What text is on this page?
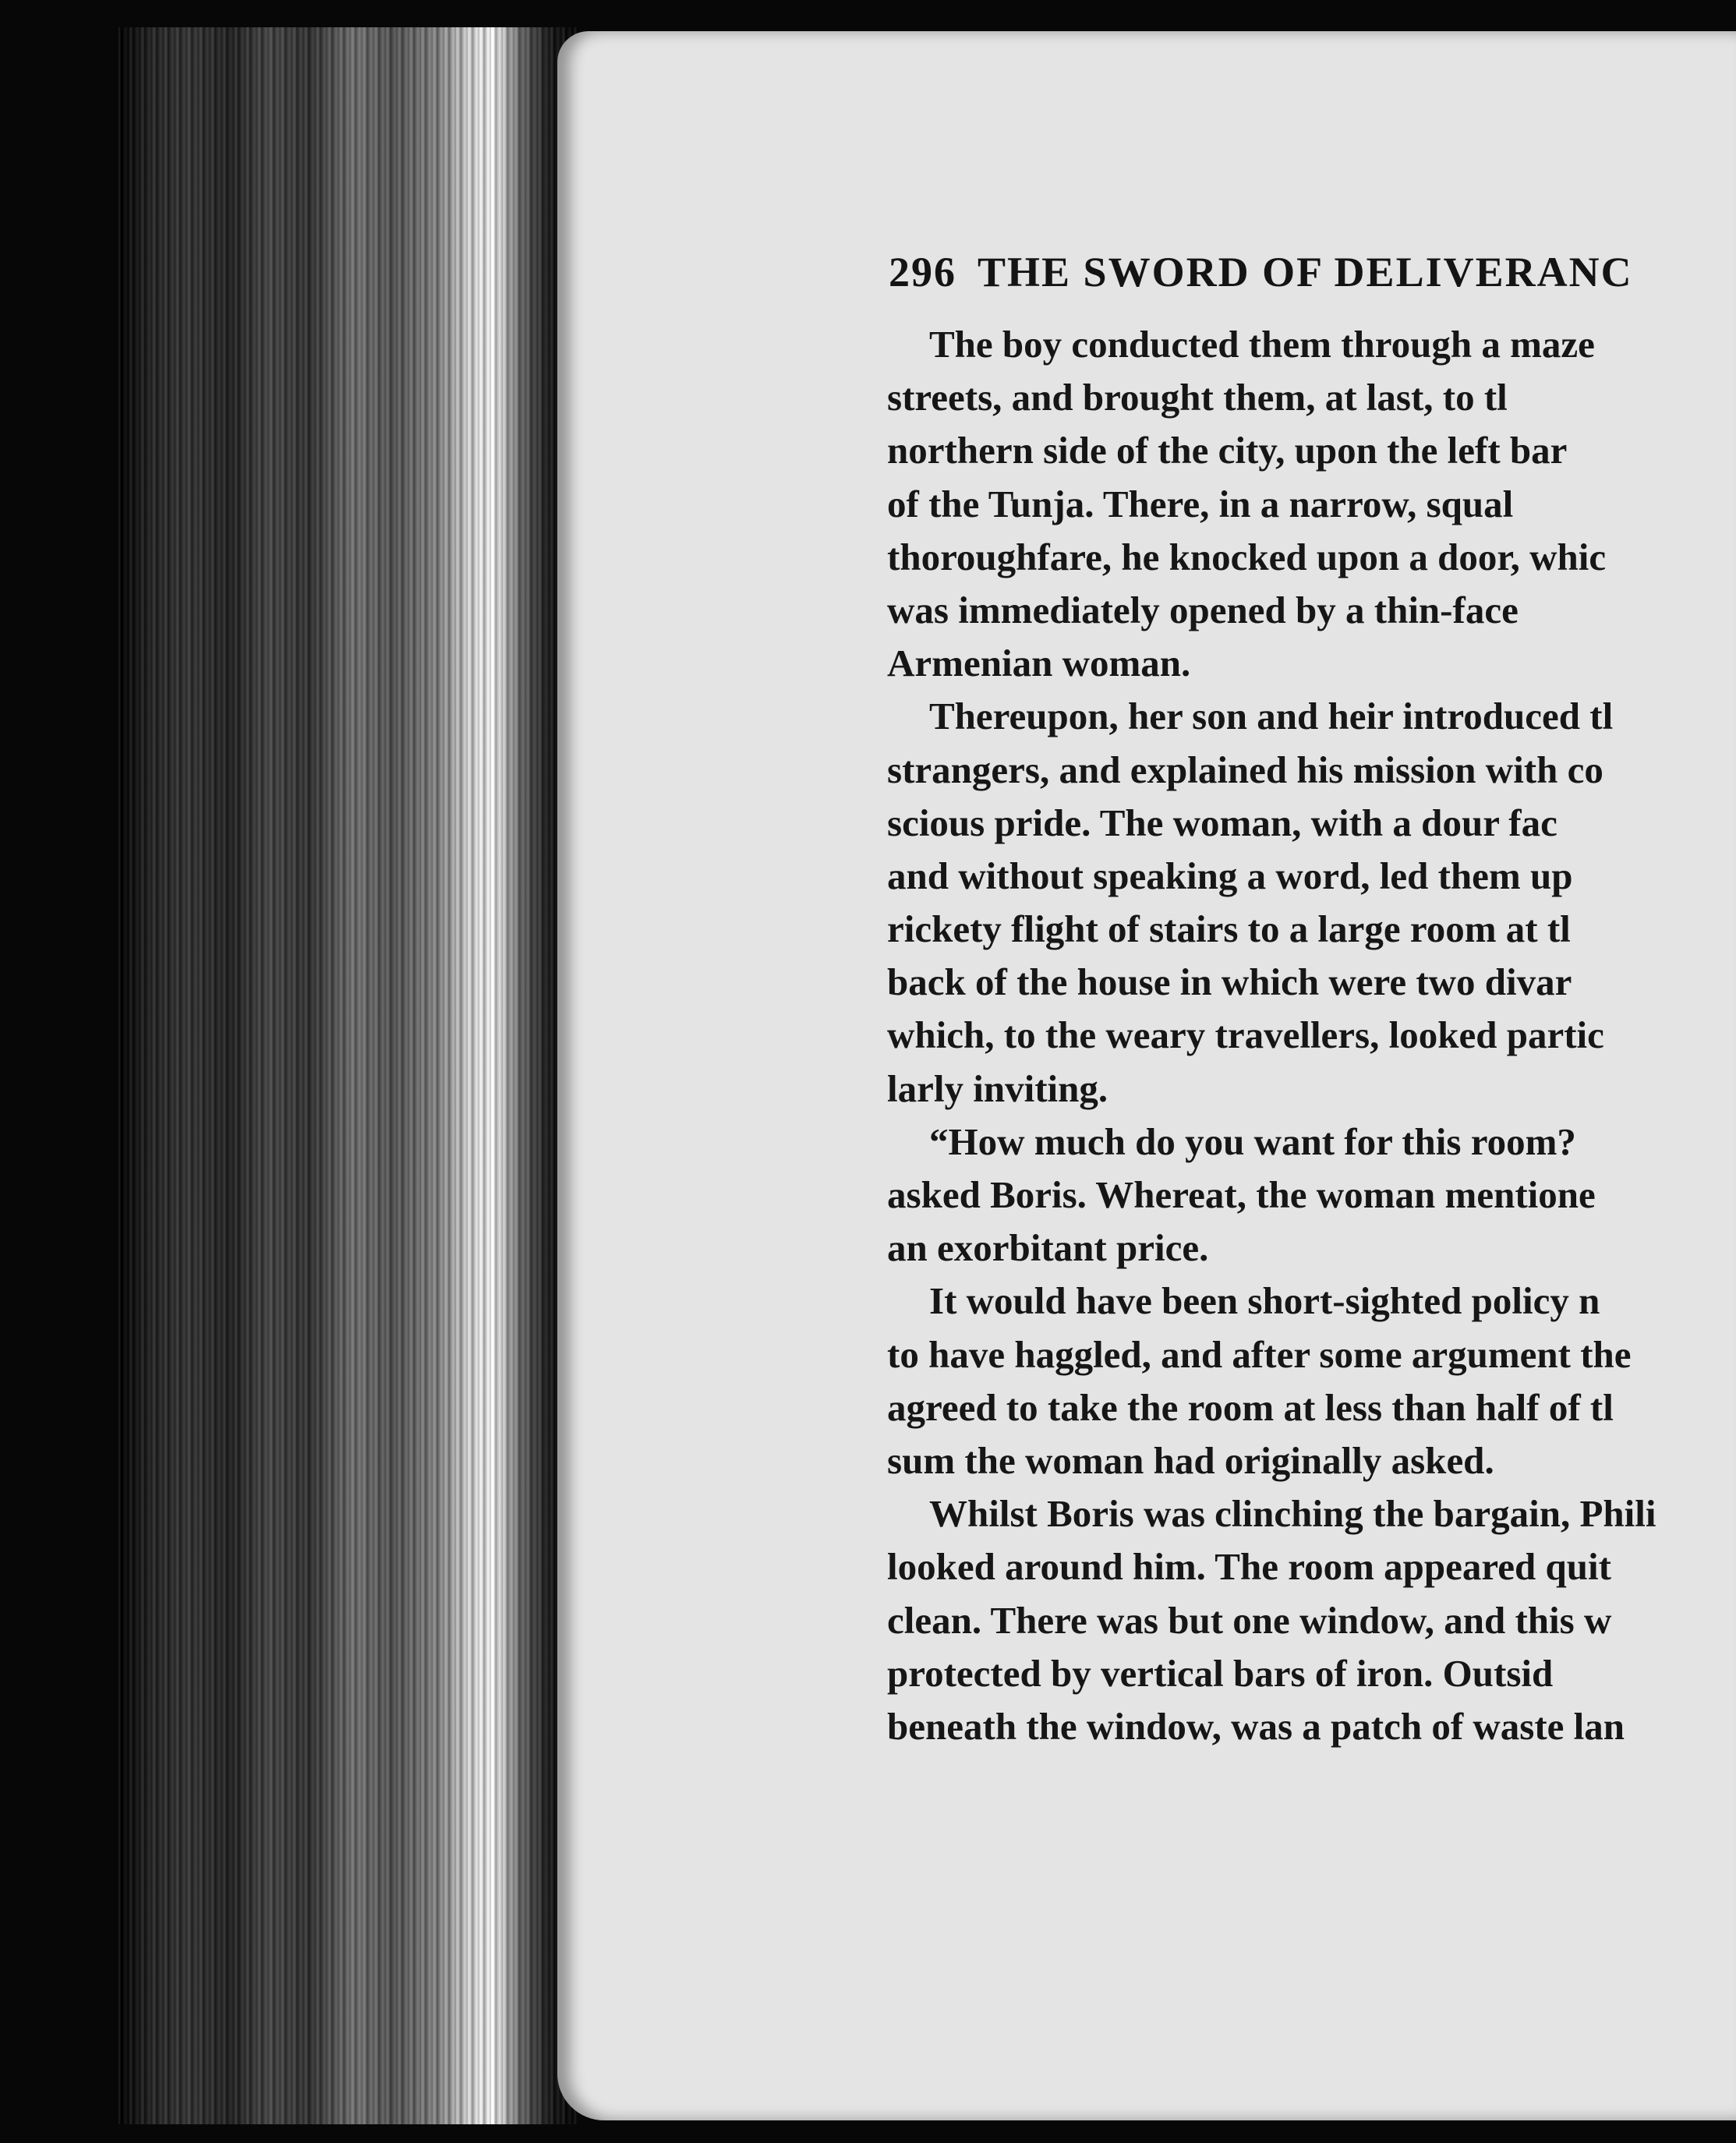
296 THE SWORD OF DELIVERANC
The boy conducted them through a maze
streets, and brought them, at last, to tl
northern side of the city, upon the left bar
of the Tunja. There, in a narrow, squal
thoroughfare, he knocked upon a door, whic
was immediately opened by a thin-face
Armenian woman.
Thereupon, her son and heir introduced tl
strangers, and explained his mission with co
scious pride. The woman, with a dour fac
and without speaking a word, led them up
rickety flight of stairs to a large room at tl
back of the house in which were two divar
which, to the weary travellers, looked partic
larly inviting.
“How much do you want for this room?
asked Boris. Whereat, the woman mentione
an exorbitant price.
It would have been short-sighted policy n
to have haggled, and after some argument the
agreed to take the room at less than half of tl
sum the woman had originally asked.
Whilst Boris was clinching the bargain, Phili
looked around him. The room appeared quit
clean. There was but one window, and this w
protected by vertical bars of iron. Outsid
beneath the window, was a patch of waste lan
